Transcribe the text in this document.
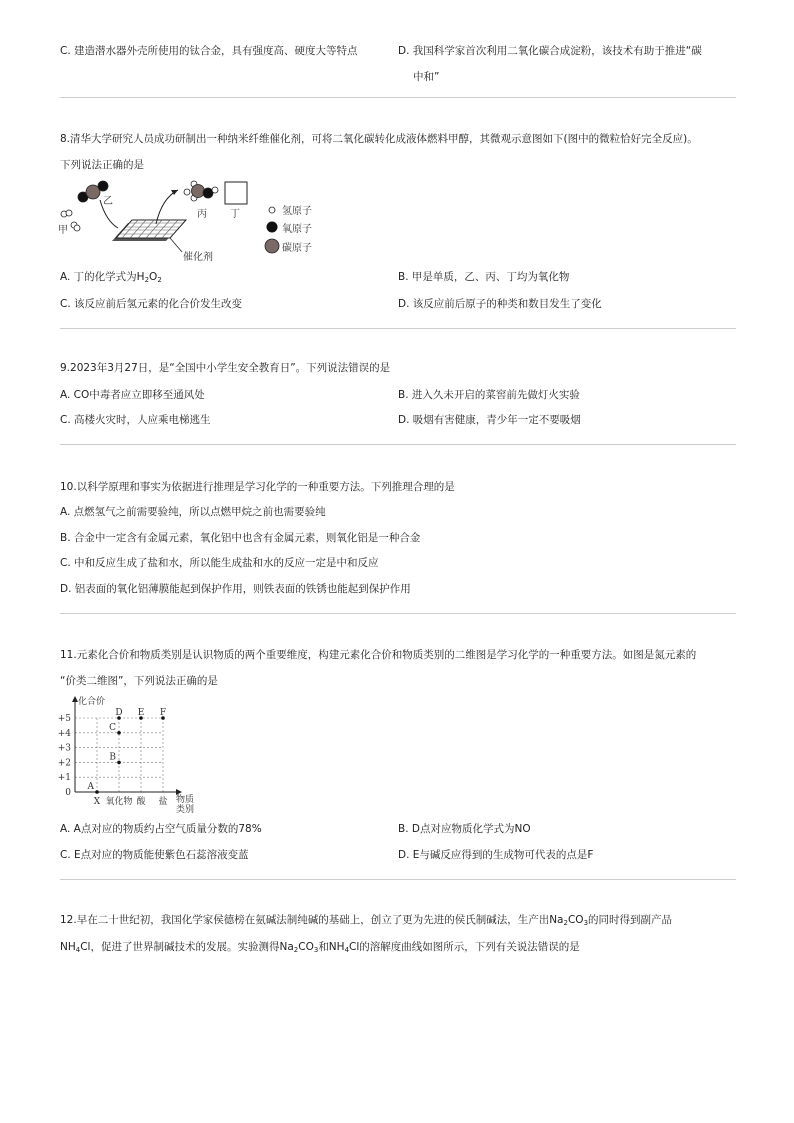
C. 建造潜水器外壳所使用的钛合金，具有强度高、硬度大等特点	D. 我国科学家首次利用二氧化碳合成淀粉，该技术有助于推进“碳
中和”
8.清华大学研究人员成功研制出一种纳米纤维催化剂，可将二氧化碳转化成液体燃料甲醇，其微观示意图如下(图中的微粒恰好完全反应)。
下列说法正确的是
甲
乙
丙 丁
催化剂
氢原子
氧原子
碳原子
A. 丁的化学式为$H_2O_2$	B. 甲是单质，乙、丙、丁均为氧化物
C. 该反应前后氢元素的化合价发生改变	D. 该反应前后原子的种类和数目发生了变化
9.2023年3月27日，是“全国中小学生安全教育日”。下列说法错误的是
A. CO中毒者应立即移至通风处	B. 进入久未开启的菜窖前先做灯火实验
C. 高楼火灾时，人应乘电梯逃生	D. 吸烟有害健康，青少年一定不要吸烟
10.以科学原理和事实为依据进行推理是学习化学的一种重要方法。下列推理合理的是
A. 点燃氢气之前需要验纯，所以点燃甲烷之前也需要验纯
B. 合金中一定含有金属元素，氧化铝中也含有金属元素，则氧化铝是一种合金
C. 中和反应生成了盐和水，所以能生成盐和水的反应一定是中和反应
D. 铝表面的氧化铝薄膜能起到保护作用，则铁表面的铁锈也能起到保护作用
11.元素化合价和物质类别是认识物质的两个重要维度，构建元素化合价和物质类别的二维图是学习化学的一种重要方法。如图是氮元素的
“价类二维图”，下列说法正确的是
化合价
物质
类别
+5
+4
+3
+2
+1
0
X 氧化物 酸 盐
A
B
C
D E F
A. A点对应的物质约占空气质量分数的78%	B. D点对应物质化学式为NO
C. E点对应的物质能使紫色石蕊溶液变蓝	D. E与碱反应得到的生成物可代表的点是F
12.早在二十世纪初，我国化学家侯德榜在氨碱法制纯碱的基础上，创立了更为先进的侯氏制碱法，生产出$Na_2CO_3$的同时得到副产品
$NH_4Cl$，促进了世界制碱技术的发展。实验测得$Na_2CO_3$和$NH_4Cl$的溶解度曲线如图所示，下列有关说法错误的是
